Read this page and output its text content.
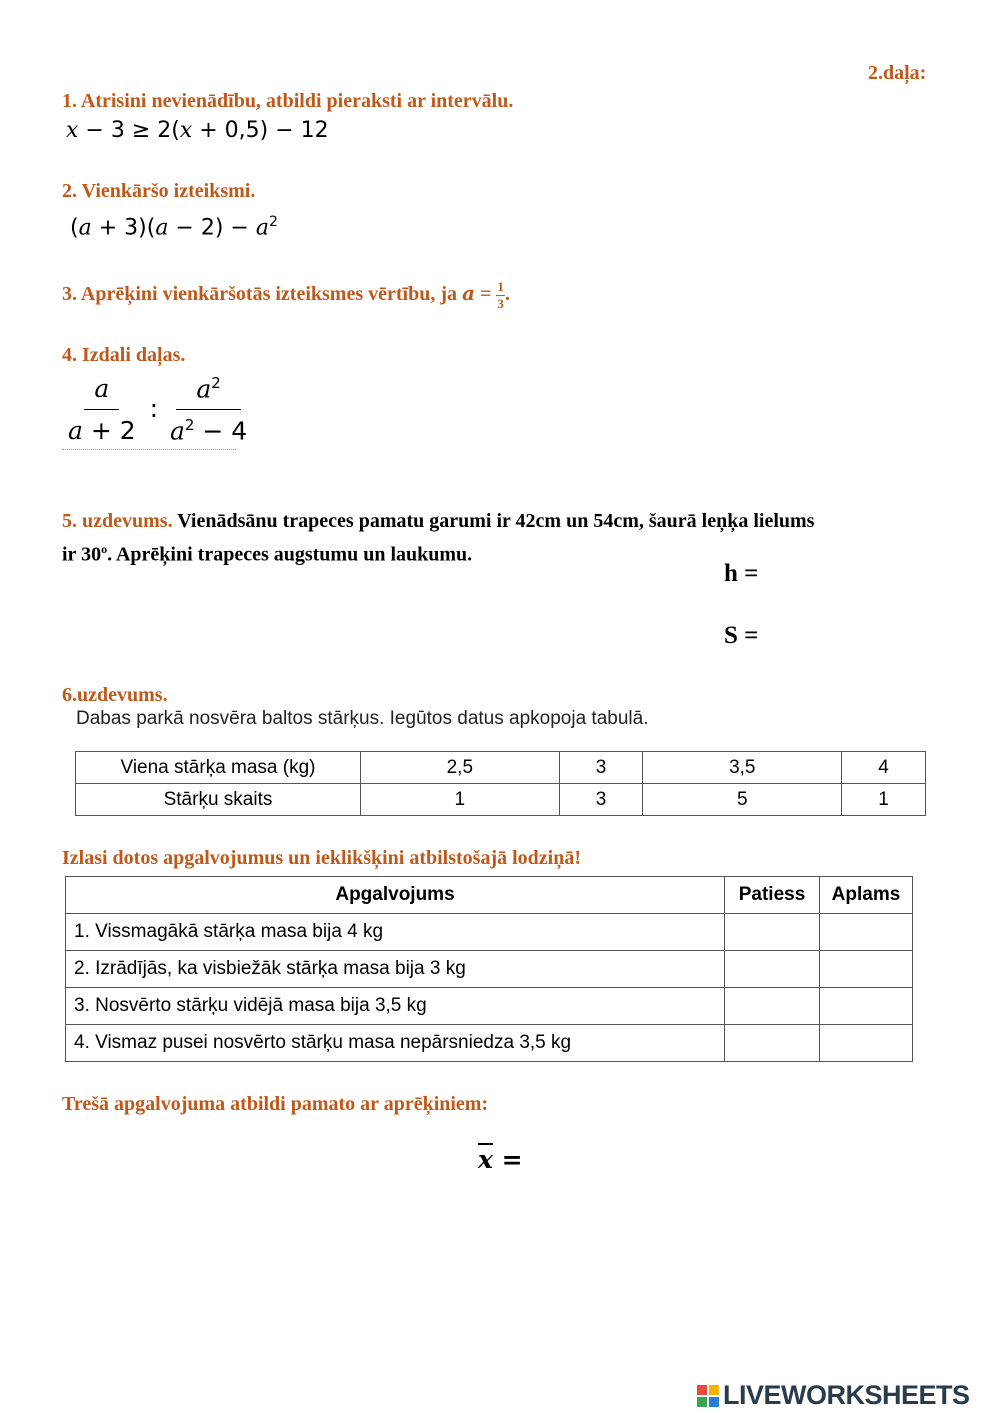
2.daļa:
1. Atrisini nevienādību, atbildi pieraksti ar intervālu.
x − 3 ≥ 2(x + 0,5) − 12
2. Vienkāršo izteiksmi.
$(a + 3)(a - 2) - a^2$
3. Aprēķini vienkāršotās izteiksmes vērtību, ja $a = \frac{1}{3}$ .
4. Izdali daļas.
$\frac{a}{a + 2}$ : $\frac{a^2}{a^2 - 4}$
5. uzdevums. Vienādsānu trapeces pamatu garumi ir 42cm un 54cm, šaurā leņķa lielums
ir 30$^o$. Aprēķini trapeces augstumu un laukumu.
h =
S =
6.uzdevums.
Dabas parkā nosvēra baltos stārķus. Iegūtos datus apkopoja tabulā.
Viena stārķa masa (kg)	2,5	3	3,5	4
Stārķu skaits	1	3	5	1
Izlasi dotos apgalvojumus un ieklikšķini atbilstošajā lodziņā!
Apgalvojums	Patiess	Aplams
1. Vissmagākā stārķa masa bija 4 kg		
2. Izrādījās, ka visbiežāk stārķa masa bija 3 kg		
3. Nosvērto stārķu vidējā masa bija 3,5 kg		
4. Vismaz pusei nosvērto stārķu masa nepārsniedza 3,5 kg		
Trešā apgalvojuma atbildi pamato ar aprēķiniem:
$\overline{x}$ =
LIVEWORKSHEETS
